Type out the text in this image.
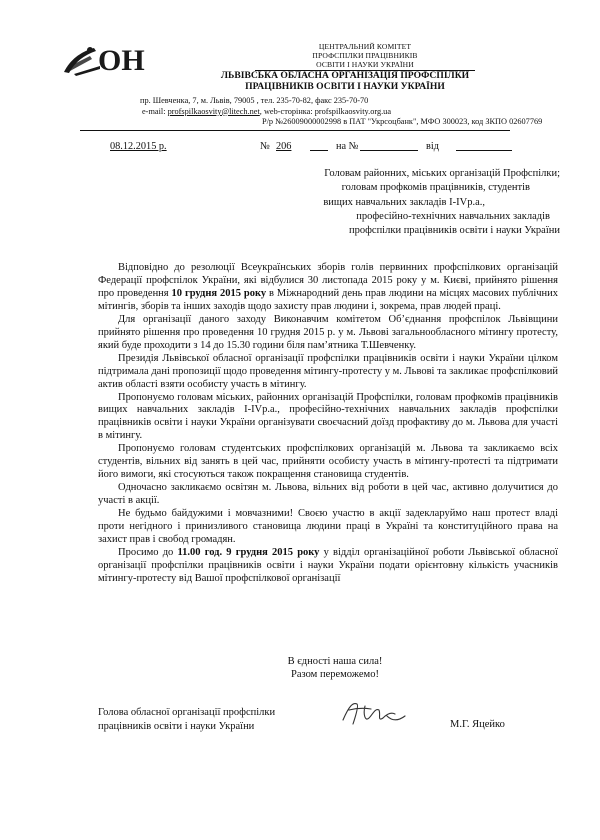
ОН	ЦЕНТРАЛЬНИЙ КОМІТЕТ
ПРОФСПІЛКИ ПРАЦІВНИКІВ
ОСВІТИ І НАУКИ УКРАЇНИ
ЛЬВІВСЬКА ОБЛАСНА ОРГАНІЗАЦІЯ ПРОФСПІЛКИ
ПРАЦІВНИКІВ ОСВІТИ І НАУКИ УКРАЇНИ
пр. Шевченка, 7, м. Львів, 79005 , тел. 235-70-82, факс 235-70-70
e-mail: profspilkaosvity@litech.net, web-сторінка: profspilkaosvity.org.ua
Р/р №26009000002998 в ПАТ "Укрсоцбанк", МФО 300023, код ЗКПО 02607769
08.12.2015 р.	№ 206	на №	від
Головам районних, міських організацій Профспілки;
головам профкомів працівників, студентів
вищих навчальних закладів І-ІVр.а.,
професійно-технічних навчальних закладів
профспілки працівників освіти і науки України

Відповідно до резолюції Всеукраїнських зборів голів первинних профспілкових організацій Федерації профспілок України, які відбулися 30 листопада 2015 року у м. Києві, прийнято рішення про проведення 10 грудня 2015 року в Міжнародний день прав людини на місцях масових публічних мітингів, зборів та інших заходів щодо захисту прав людини і, зокрема, прав людей праці.

Для організації даного заходу Виконавчим комітетом Об’єднання профспілок Львівщини прийнято рішення про проведення 10 грудня 2015 р. у м. Львові загальнообласного мітингу протесту, який буде проходити з 14 до 15.30 години біля пам’ятника Т.Шевченку.

Президія Львівської обласної організації профспілки працівників освіти і науки України цілком підтримала дані пропозиції щодо проведення мітингу-протесту у м. Львові та закликає профспілковий актив області взяти особисту участь в мітингу.

Пропонуємо головам міських, районних організацій Профспілки, головам профкомів працівників вищих навчальних закладів І-ІVр.а., професійно-технічних навчальних закладів профспілки працівників освіти і науки України організувати своєчасний доїзд профактиву до м. Львова для участі в мітингу.

Пропонуємо головам студентських профспілкових організацій м. Львова та закликаємо всіх студентів, вільних від занять в цей час, прийняти особисту участь в мітингу-протесті та підтримати його вимоги, які стосуються також покращення становища студентів.

Одночасно закликаємо освітян м. Львова, вільних від роботи в цей час, активно долучитися до участі в акції.

Не будьмо байдужими і мовчазними! Своєю участю в акції задекларуймо наш протест владі проти негідного і принизливого становища людини праці в Україні та конституційного права на захист прав і свобод громадян.

Просимо до 11.00 год. 9 грудня 2015 року у відділ організаційної роботи Львівської обласної організації профспілки працівників освіти і науки України подати орієнтовну кількість учасників мітингу-протесту від Вашої профспілкової організації

В єдності наша сила!
Разом переможемо!
Голова обласної організації профспілки
працівників освіти і науки України	М.Г. Яцейко
